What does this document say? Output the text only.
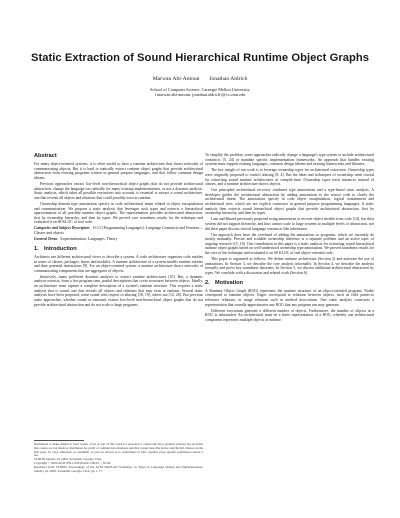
Static Extraction of Sound Hierarchical Runtime Object Graphs
Marwan Abi-Antoun       Jonathan Aldrich
School of Computer Science, Carnegie Mellon University
{marwan.abi-antoun, jonathan.aldrich}@cs.cmu.edu
Abstract

For many object-oriented systems, it is often useful to have a runtime architecture that shows networks of communicating objects. But it is hard to statically extract runtime object graphs that provide architectural abstraction from existing programs written in general purpose languages, and that follow common design idioms.

Previous approaches extract low-level non-hierarchical object graphs that do not provide architectural abstraction, change the language too radically for many existing implementations, or use a dynamic analysis. Static analysis, which takes all possible executions into account, is essential to extract a sound architecture, one that reveals all objects and relations that could possibly exist at runtime.

Ownership domain type annotations specify in code architectural intent related to object encapsulation and communication. We propose a static analysis that leverages such types and extracts a hierarchical approximation of all possible runtime object graphs. The representation provides architectural abstraction, first by ownership hierarchy, and then by types. We proved core soundness results for the technique and evaluated it on 68 KLOC of real code.

Categories and Subject Descriptors D.3.3 [Programming Languages]: Language Constructs and Features—Classes and objects

General Terms Experimentation, Languages, Theory

1. Introduction

Architects use different architectural views to describe a system. A code architecture organizes code entities in terms of classes, packages, layers and modules. A runtime architecture of a system models runtime entities and their potential interactions [9]. For an object-oriented system, a runtime architecture shows networks of communicating components that are aggregates of objects.

Intuitively, many preferred dynamic analyses to extract runtime architectures [10]. But, a dynamic analysis extracts, from a few program runs, partial descriptions that cover structures between objects. Ideally, an architecture must capture a complete description of a system's runtime structure. This requires a static analysis that is sound, one that reveals all objects and relations that may exist at runtime. Several static analyses have been proposed, some sound with respect to aliasing [18, 19], others not [12, 26]. But previous static approaches, whether sound or unsound, extract low-level non-hierarchical object graphs that do not provide architectural abstraction and do not scale to large programs.

Permission to make digital or hard copies of all or part of this work for personal or classroom use is granted without fee provided that copies are not made or distributed for profit or commercial advantage and that copies bear this notice and the full citation on the first page. To copy otherwise, to republish, to post on servers or to redistribute to lists, requires prior specific permission and/or a fee.

TLDI'09 January 24, 2009, Savannah, Georgia, USA.

Copyright © 2009 ACM 978-1-60558-420-1/09/01 ... $5.00.

Reprinted from TLDI'09, Proceedings of the ACM SIGPLAN Workshop on Types in Language Design and Implementation, January 24, 2009, Savannah, Georgia, USA, pp. 1–??.

To simplify the problem, some approaches radically change a language's type system to include architectural constructs [5, 24] or mandate specific implementation frameworks. An approach that handles existing systems must support existing languages, common design idioms and existing frameworks and libraries.

The key insight of our work is to leverage ownership types for architectural extraction. Ownership types were originally proposed to control aliasing [8, 4]. But the ideas and techniques of ownership seem crucial for extracting sound runtime architectures at compile-time. Ownership types track instances instead of classes, and a runtime architecture shows objects.

Our principled architectural recovery combines type annotations and a type-based static analysis. A developer guides the architectural abstraction by adding annotations to the source code to clarify the architectural intent. The annotations specify in code object encapsulation, logical containment and architectural tiers, which are not explicit constructs in general purpose programming languages. A static analysis then extracts sound hierarchical object graphs that provide architectural abstraction, first by ownership hierarchy, and then by types.

Lam and Rinard previously proposed using annotations to recover object models from code [14], but their system did not support hierarchy, and thus cannot scale to large systems at multiple levels of abstraction, nor did their paper discuss critical language constructs like inheritance.

Our approach does have the overhead of adding the annotations to programs, which we currently do mostly manually. Precise and scalable ownership inference is a separate problem and an active topic of ongoing research [15, 16]. Our contribution in this paper is a static analysis for extracting sound hierarchical runtime object graphs based on well-understood ownership type annotations. We proved soundness results for the core of the technique and evaluated it on 68 KLOC of real object-oriented code.

This paper is organized as follows. We define runtime architecture (Section 2) and motivate the use of annotations. In Section 3, we describe the core analysis informally. In Section 4, we describe the analysis formally and prove key soundness theorems. In Section 5, we discuss additional architectural abstraction by types. We conclude with a discussion and related work (Section 6).

2. Motivation

A Runtime Object Graph (ROG) represents the runtime structure of an object-oriented program. Nodes correspond to runtime objects. Edges correspond to relations between objects, such as field points-to reference relations, or usage relations such as method invocations. One static analysis constructs a representation that soundly approximates any ROG that any program run may generate.

Different executions generate a different number of objects. Furthermore, the number of objects in a ROG is unbounded. An architectural must be a finite representation of a ROG, whereby one architectural component represents multiple objects at runtime.
